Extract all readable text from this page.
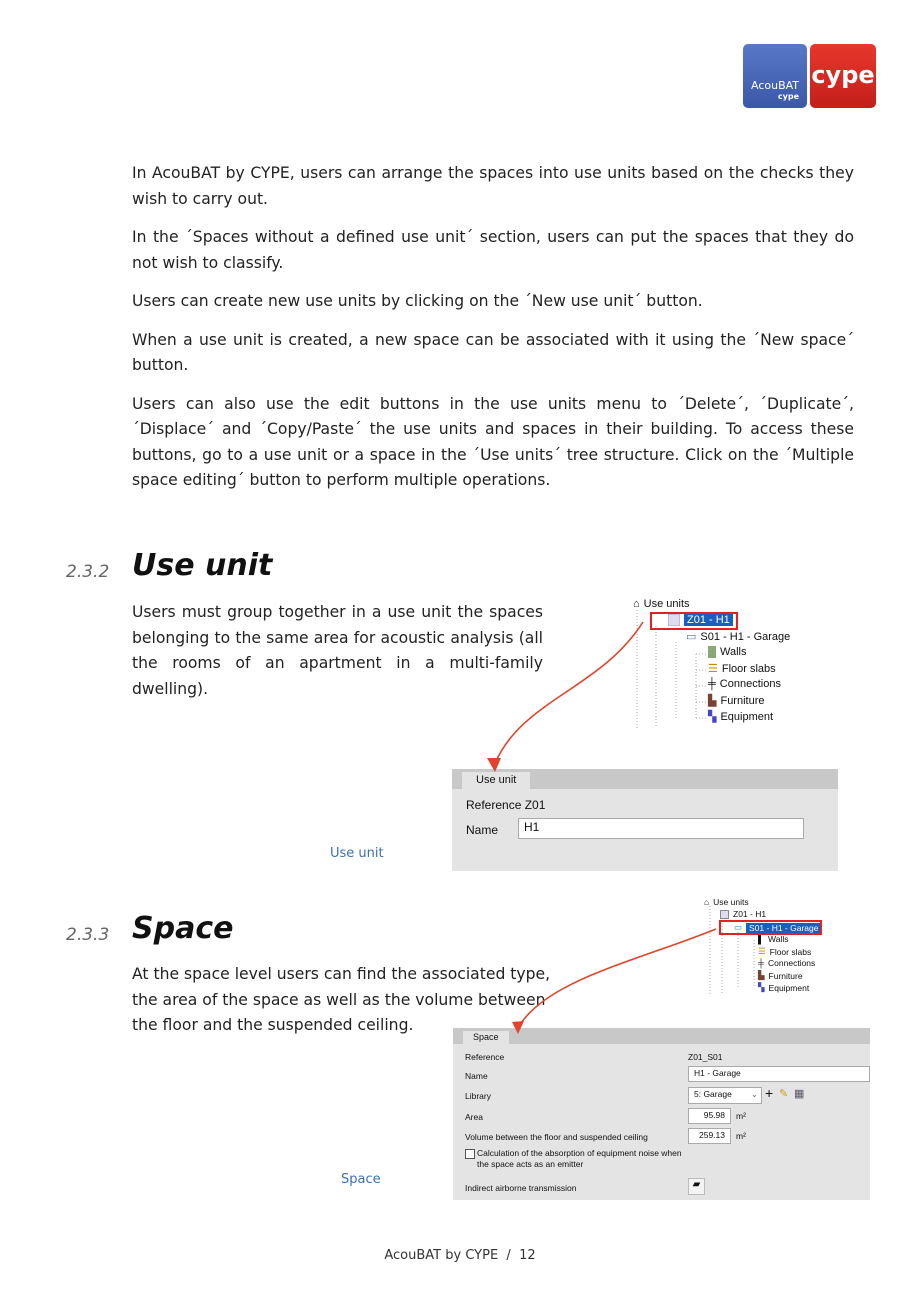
AcouBAT
cype
cype

In AcouBAT by CYPE, users can arrange the spaces into use units based on the checks they wish to carry out.

In the ´Spaces without a defined use unit´ section, users can put the spaces that they do not wish to classify.

Users can create new use units by clicking on the ´New use unit´ button.

When a use unit is created, a new space can be associated with it using the ´New space´ button.

Users can also use the edit buttons in the use units menu to ´Delete´, ´Duplicate´, ´Displace´ and ´Copy/Paste´ the use units and spaces in their building. To access these buttons, go to a use unit or a space in the ´Use units´ tree structure. Click on the ´Multiple space editing´ button to perform multiple operations.

2.3.2 Use unit

Users must group together in a use unit the spaces belonging to the same area for acoustic analysis (all the rooms of an apartment in a multi-family dwelling).

⌂ Use units
Z01 - H1
▭ S01 - H1 - Garage
Walls
☰ Floor slabs
╪ Connections
▙ Furniture
▚ Equipment
Use unit
Reference Z01
Name	H1
Use unit
2.3.3 Space

At the space level users can find the associated type, the area of the space as well as the volume between the floor and the suspended ceiling.

⌂ Use units
Z01 - H1
▭ S01 - H1 - Garage
▌ Walls
☰ Floor slabs
╪ Connections
▙ Furniture
▚ Equipment
Space
Reference	Z01_S01
Name	H1 - Garage
Library	5: Garage ⌄ + ✎ ▦
Area	95.98	m²
Volume between the floor and suspended ceiling	259.13	m²
Calculation of the absorption of equipment noise when the space acts as an emitter
Indirect airborne transmission	▰
Space
AcouBAT by CYPE  /  12
